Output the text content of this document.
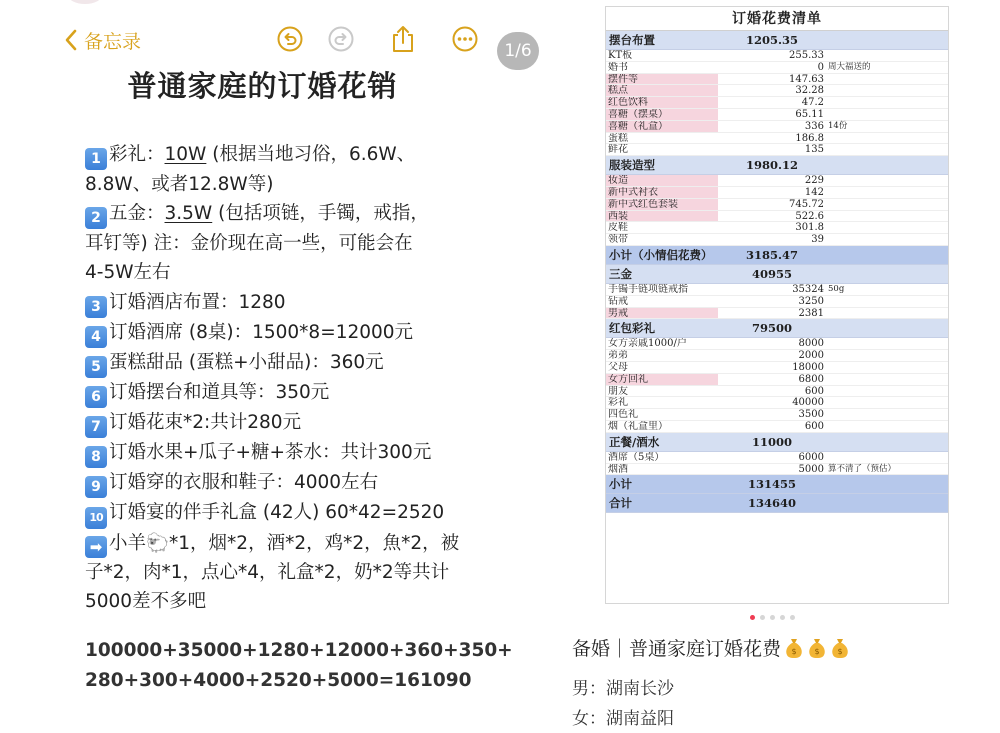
备忘录	1/6
普通家庭的订婚花销
1 彩礼：10W (根据当地习俗，6.6W、
8.8W、或者12.8W等)
2 五金：3.5W (包括项链，手镯，戒指，
耳钉等) 注：金价现在高一些，可能会在
4-5W左右
3 订婚酒店布置：1280
4 订婚酒席 (8桌)：1500*8=12000元
5 蛋糕甜品 (蛋糕+小甜品)：360元
6 订婚摆台和道具等：350元
7 订婚花束*2:共计280元
8 订婚水果+瓜子+糖+茶水：共计300元
9 订婚穿的衣服和鞋子：4000左右
10 订婚宴的伴手礼盒 (42人) 60*42=2520
➡ 小羊🐑*1，烟*2，酒*2，鸡*2，魚*2，被
子*2，肉*1，点心*4，礼盒*2，奶*2等共计
5000差不多吧
100000+35000+1280+12000+360+350+
280+300+4000+2520+5000=161090
订婚花费清单
摆台布置	1205.35
KT板	255.33
婚书	0 周大福送的
摆件等	147.63
糕点	32.28
红色饮料	47.2
喜糖（摆桌）	65.11
喜糖（礼盒）	336 14份
蛋糕	186.8
鲜花	135
服装造型	1980.12
妆造	229
新中式衬衣	142
新中式红色套装	745.72
西装	522.6
皮鞋	301.8
领带	39
小计（小情侣花费）	3185.47
三金	40955
手镯手链项链戒指	35324 50g
钻戒	3250
男戒	2381
红包彩礼	79500
女方亲戚1000/户	8000
弟弟	2000
父母	18000
女方回礼	6800
朋友	600
彩礼	40000
四色礼	3500
烟（礼盒里）	600
正餐/酒水	11000
酒席（5桌）	6000
烟酒	5000 算不清了（预估）
小计	131455
合计	134640
备婚｜普通家庭订婚花费 $ $ $
男：湖南长沙
女：湖南益阳
